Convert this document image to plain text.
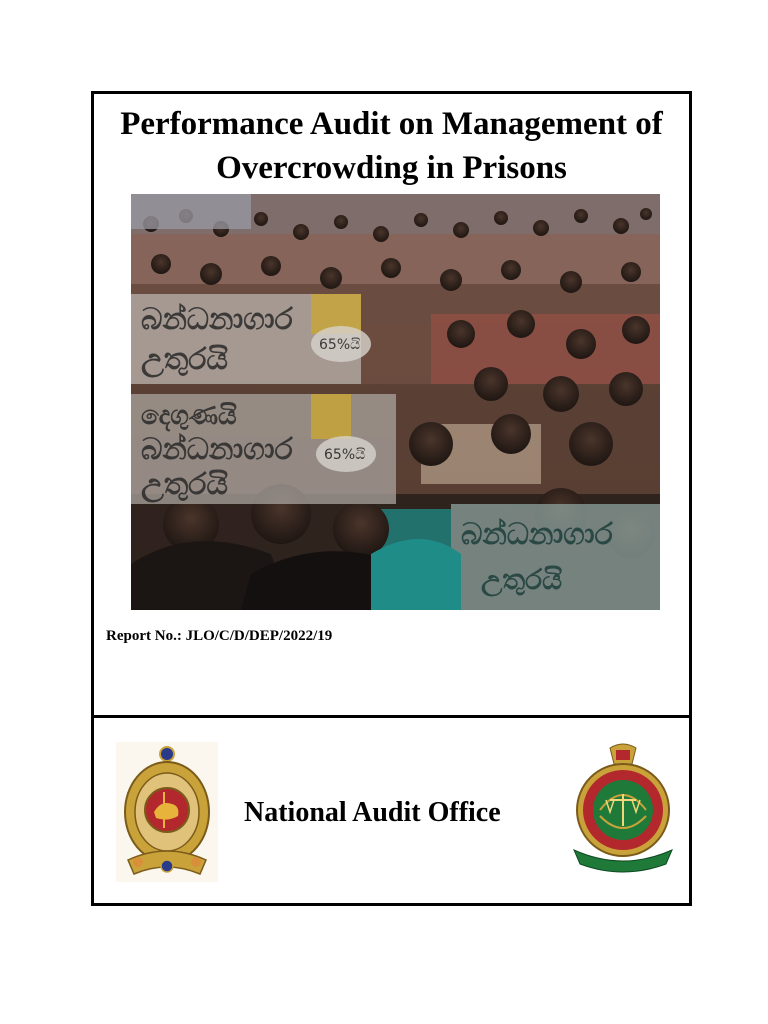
Performance Audit on Management of
Overcrowding in Prisons
බන්ධනාගාර
උතුරයි
දෙගුණයි
බන්ධනාගාර
උතුරයි
බන්ධනාගාර
උතුරයි
65%යි
65%යි

Report No.: JLO/C/D/DEP/2022/19

National Audit Office
